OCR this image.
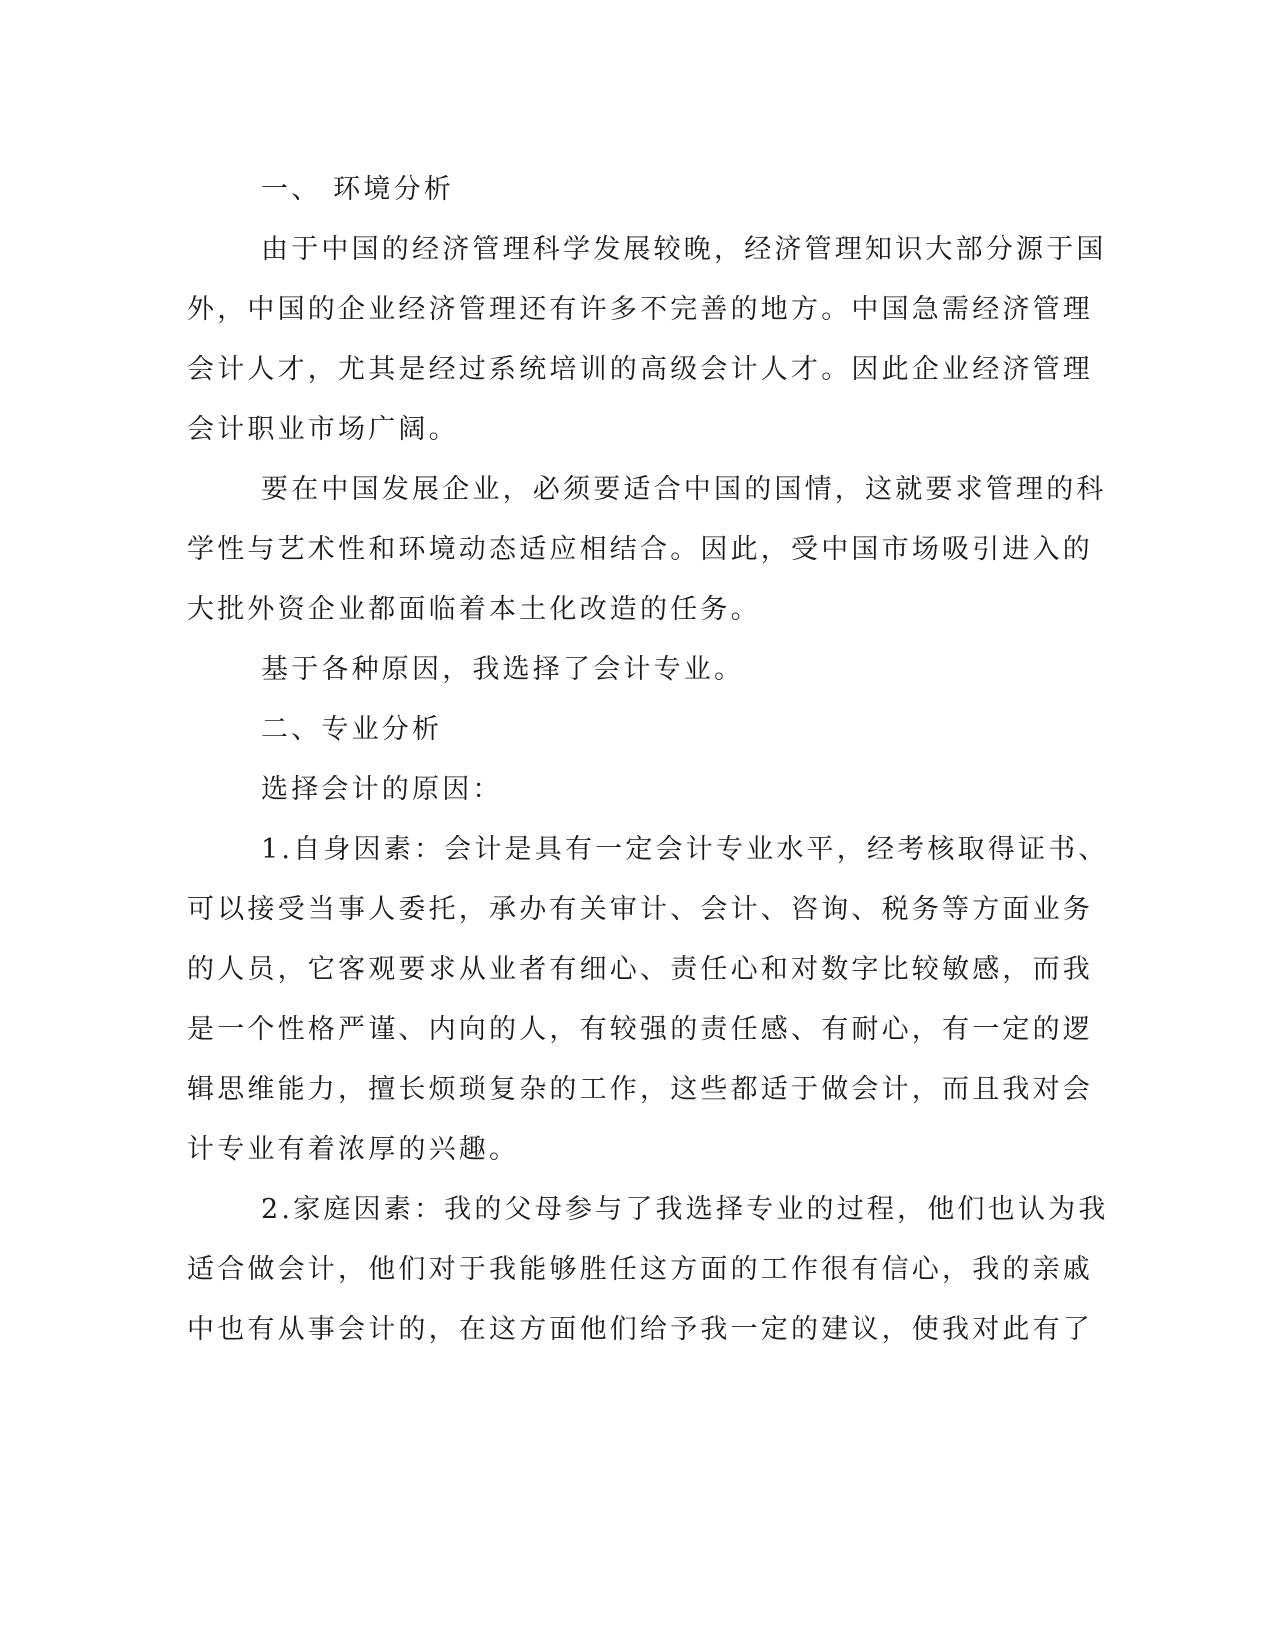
一、 环境分析
由于中国的经济管理科学发展较晚，经济管理知识大部分源于国
外，中国的企业经济管理还有许多不完善的地方。中国急需经济管理
会计人才，尤其是经过系统培训的高级会计人才。因此企业经济管理
会计职业市场广阔。
要在中国发展企业，必须要适合中国的国情，这就要求管理的科
学性与艺术性和环境动态适应相结合。因此，受中国市场吸引进入的
大批外资企业都面临着本土化改造的任务。
基于各种原因，我选择了会计专业。
二、专业分析
选择会计的原因：
1.自身因素：会计是具有一定会计专业水平，经考核取得证书、
可以接受当事人委托，承办有关审计、会计、咨询、税务等方面业务
的人员，它客观要求从业者有细心、责任心和对数字比较敏感，而我
是一个性格严谨、内向的人，有较强的责任感、有耐心，有一定的逻
辑思维能力，擅长烦琐复杂的工作，这些都适于做会计，而且我对会
计专业有着浓厚的兴趣。
2.家庭因素：我的父母参与了我选择专业的过程，他们也认为我
适合做会计，他们对于我能够胜任这方面的工作很有信心，我的亲戚
中也有从事会计的，在这方面他们给予我一定的建议，使我对此有了
